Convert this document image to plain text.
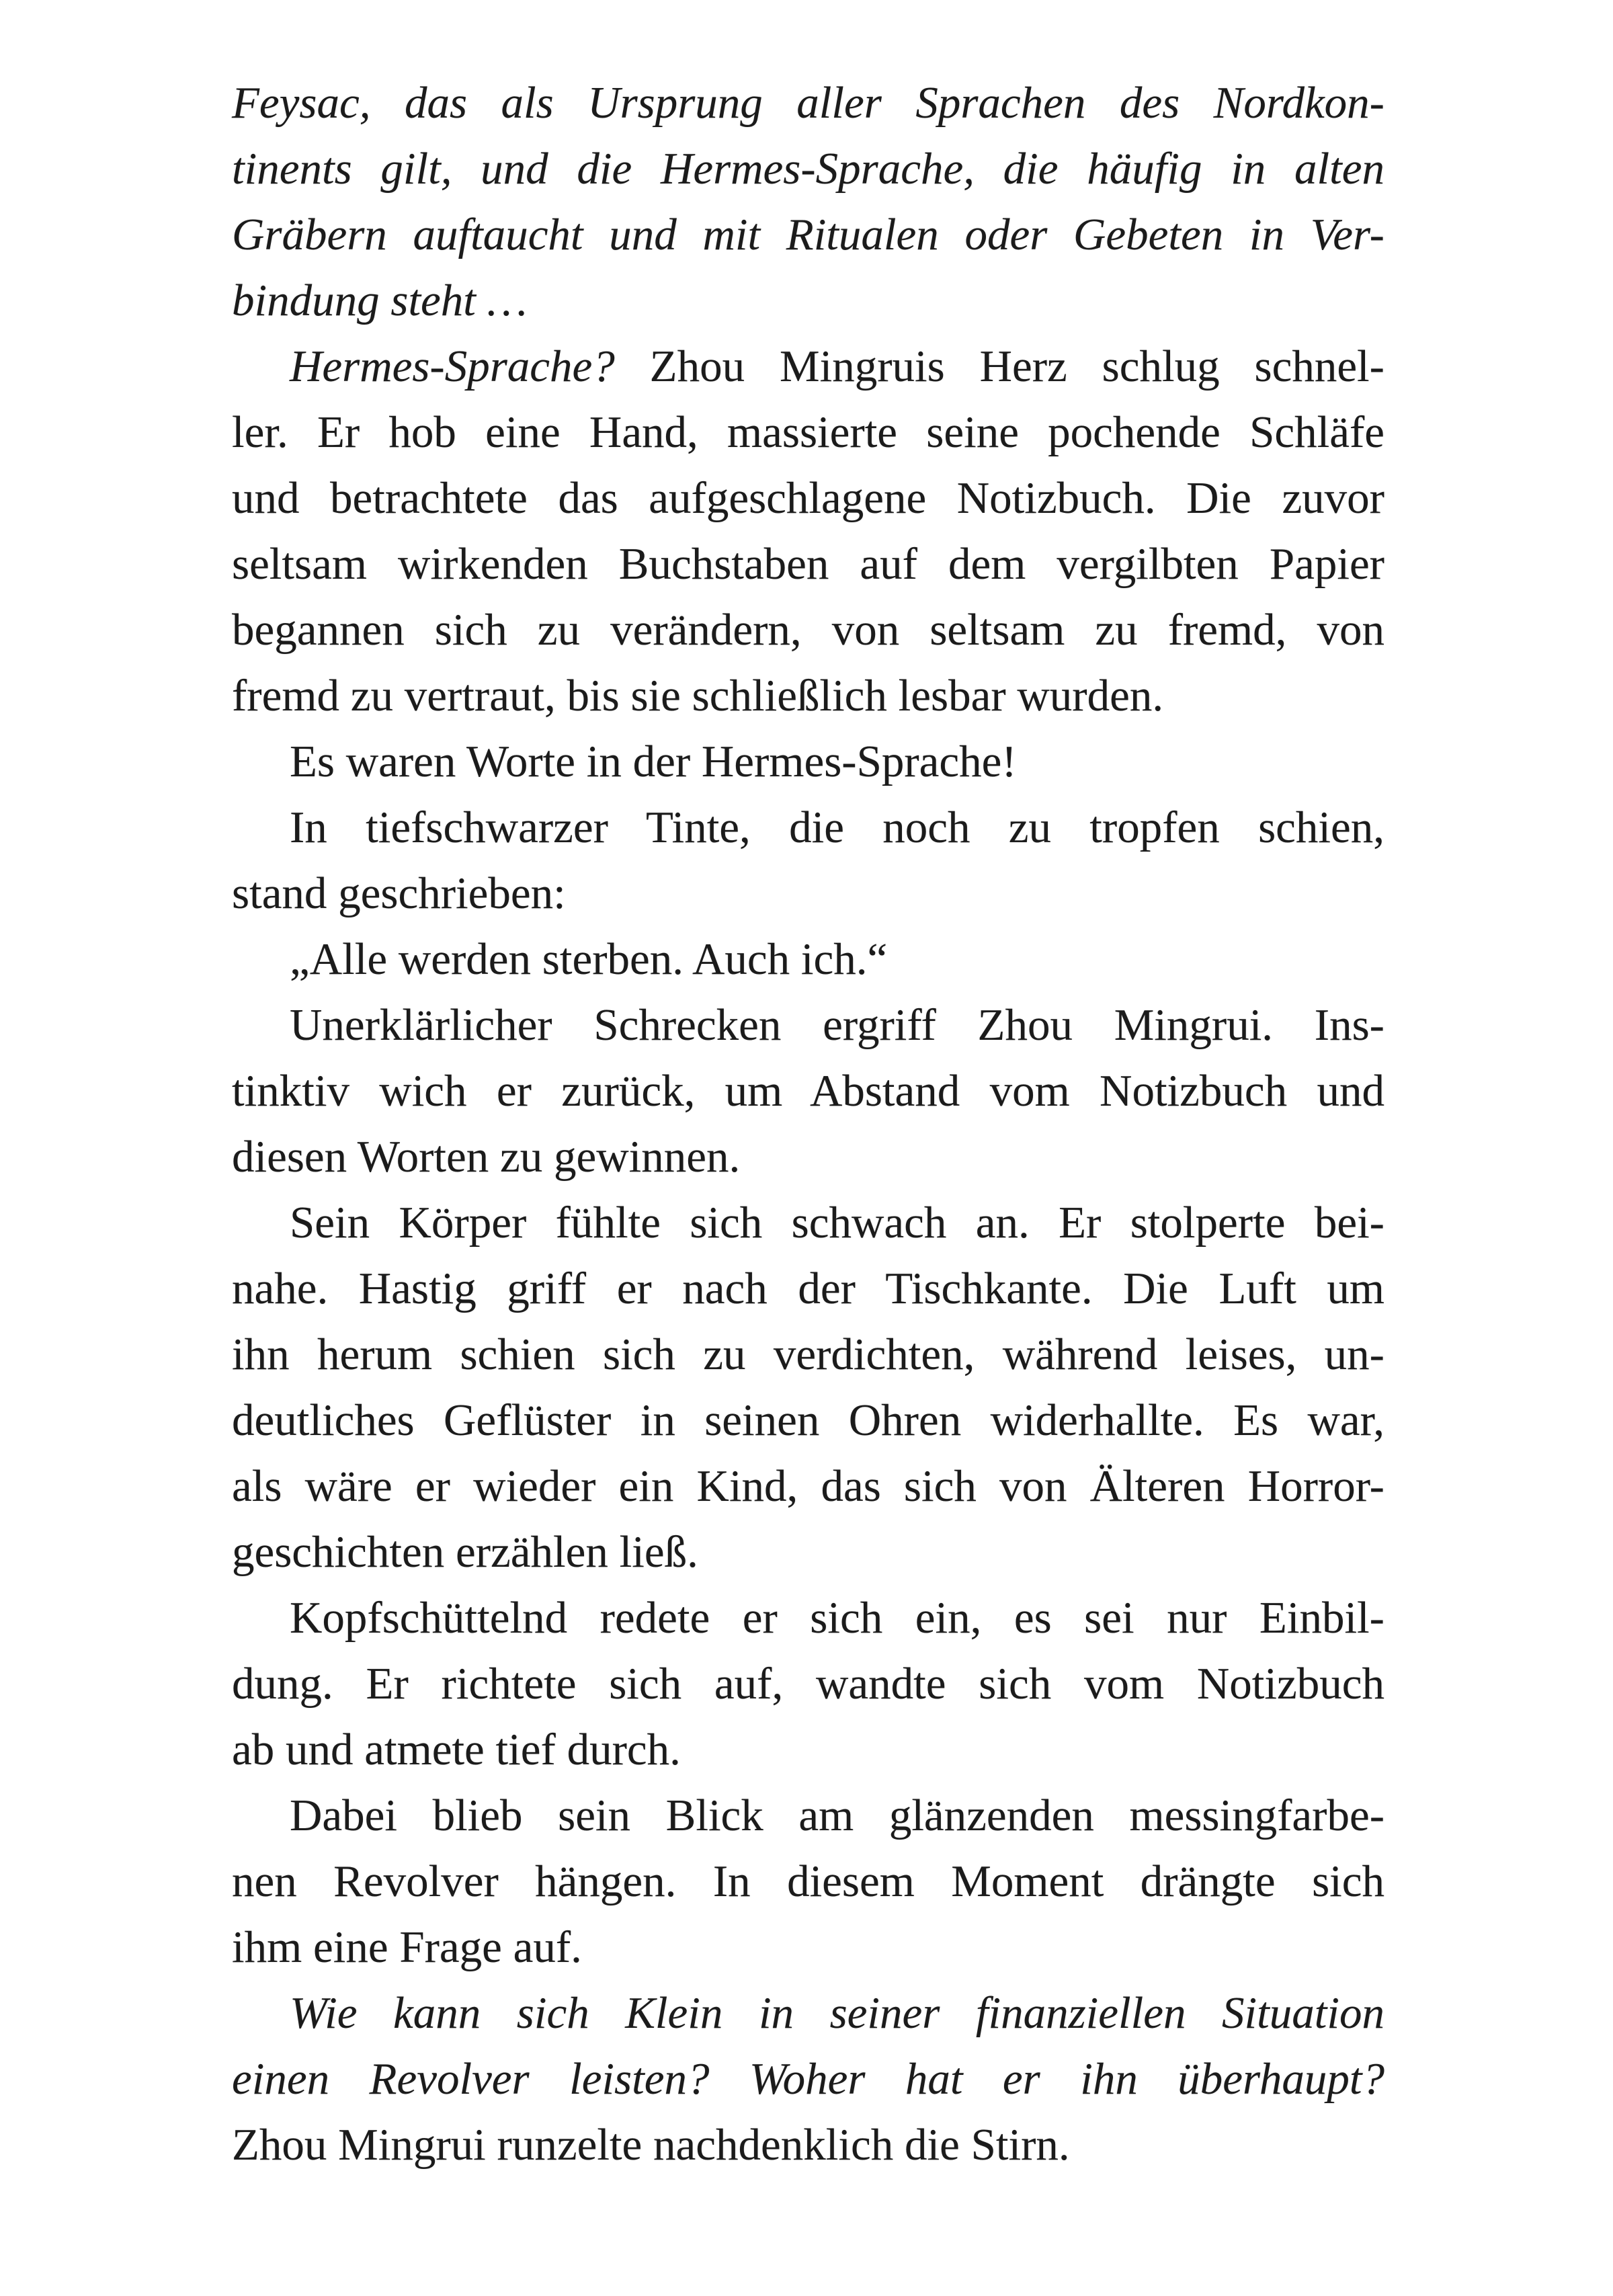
Feysac, das als Ursprung aller Sprachen des Nordkon-
tinents gilt, und die Hermes-Sprache, die häufig in alten
Gräbern auftaucht und mit Ritualen oder Gebeten in Ver-
bindung steht …
Hermes-Sprache? Zhou Mingruis Herz schlug schnel-
ler. Er hob eine Hand, massierte seine pochende Schläfe
und betrachtete das aufgeschlagene Notizbuch. Die zuvor
seltsam wirkenden Buchstaben auf dem vergilbten Papier
begannen sich zu verändern, von seltsam zu fremd, von
fremd zu vertraut, bis sie schließlich lesbar wurden.
Es waren Worte in der Hermes-Sprache!
In tiefschwarzer Tinte, die noch zu tropfen schien,
stand geschrieben:
„Alle werden sterben. Auch ich.“
Unerklärlicher Schrecken ergriff Zhou Mingrui. Ins-
tinktiv wich er zurück, um Abstand vom Notizbuch und
diesen Worten zu gewinnen.
Sein Körper fühlte sich schwach an. Er stolperte bei-
nahe. Hastig griff er nach der Tischkante. Die Luft um
ihn herum schien sich zu verdichten, während leises, un-
deutliches Geflüster in seinen Ohren widerhallte. Es war,
als wäre er wieder ein Kind, das sich von Älteren Horror-
geschichten erzählen ließ.
Kopfschüttelnd redete er sich ein, es sei nur Einbil-
dung. Er richtete sich auf, wandte sich vom Notizbuch
ab und atmete tief durch.
Dabei blieb sein Blick am glänzenden messingfarbe-
nen Revolver hängen. In diesem Moment drängte sich
ihm eine Frage auf.
Wie kann sich Klein in seiner finanziellen Situation
einen Revolver leisten? Woher hat er ihn überhaupt?
Zhou Mingrui runzelte nachdenklich die Stirn.
